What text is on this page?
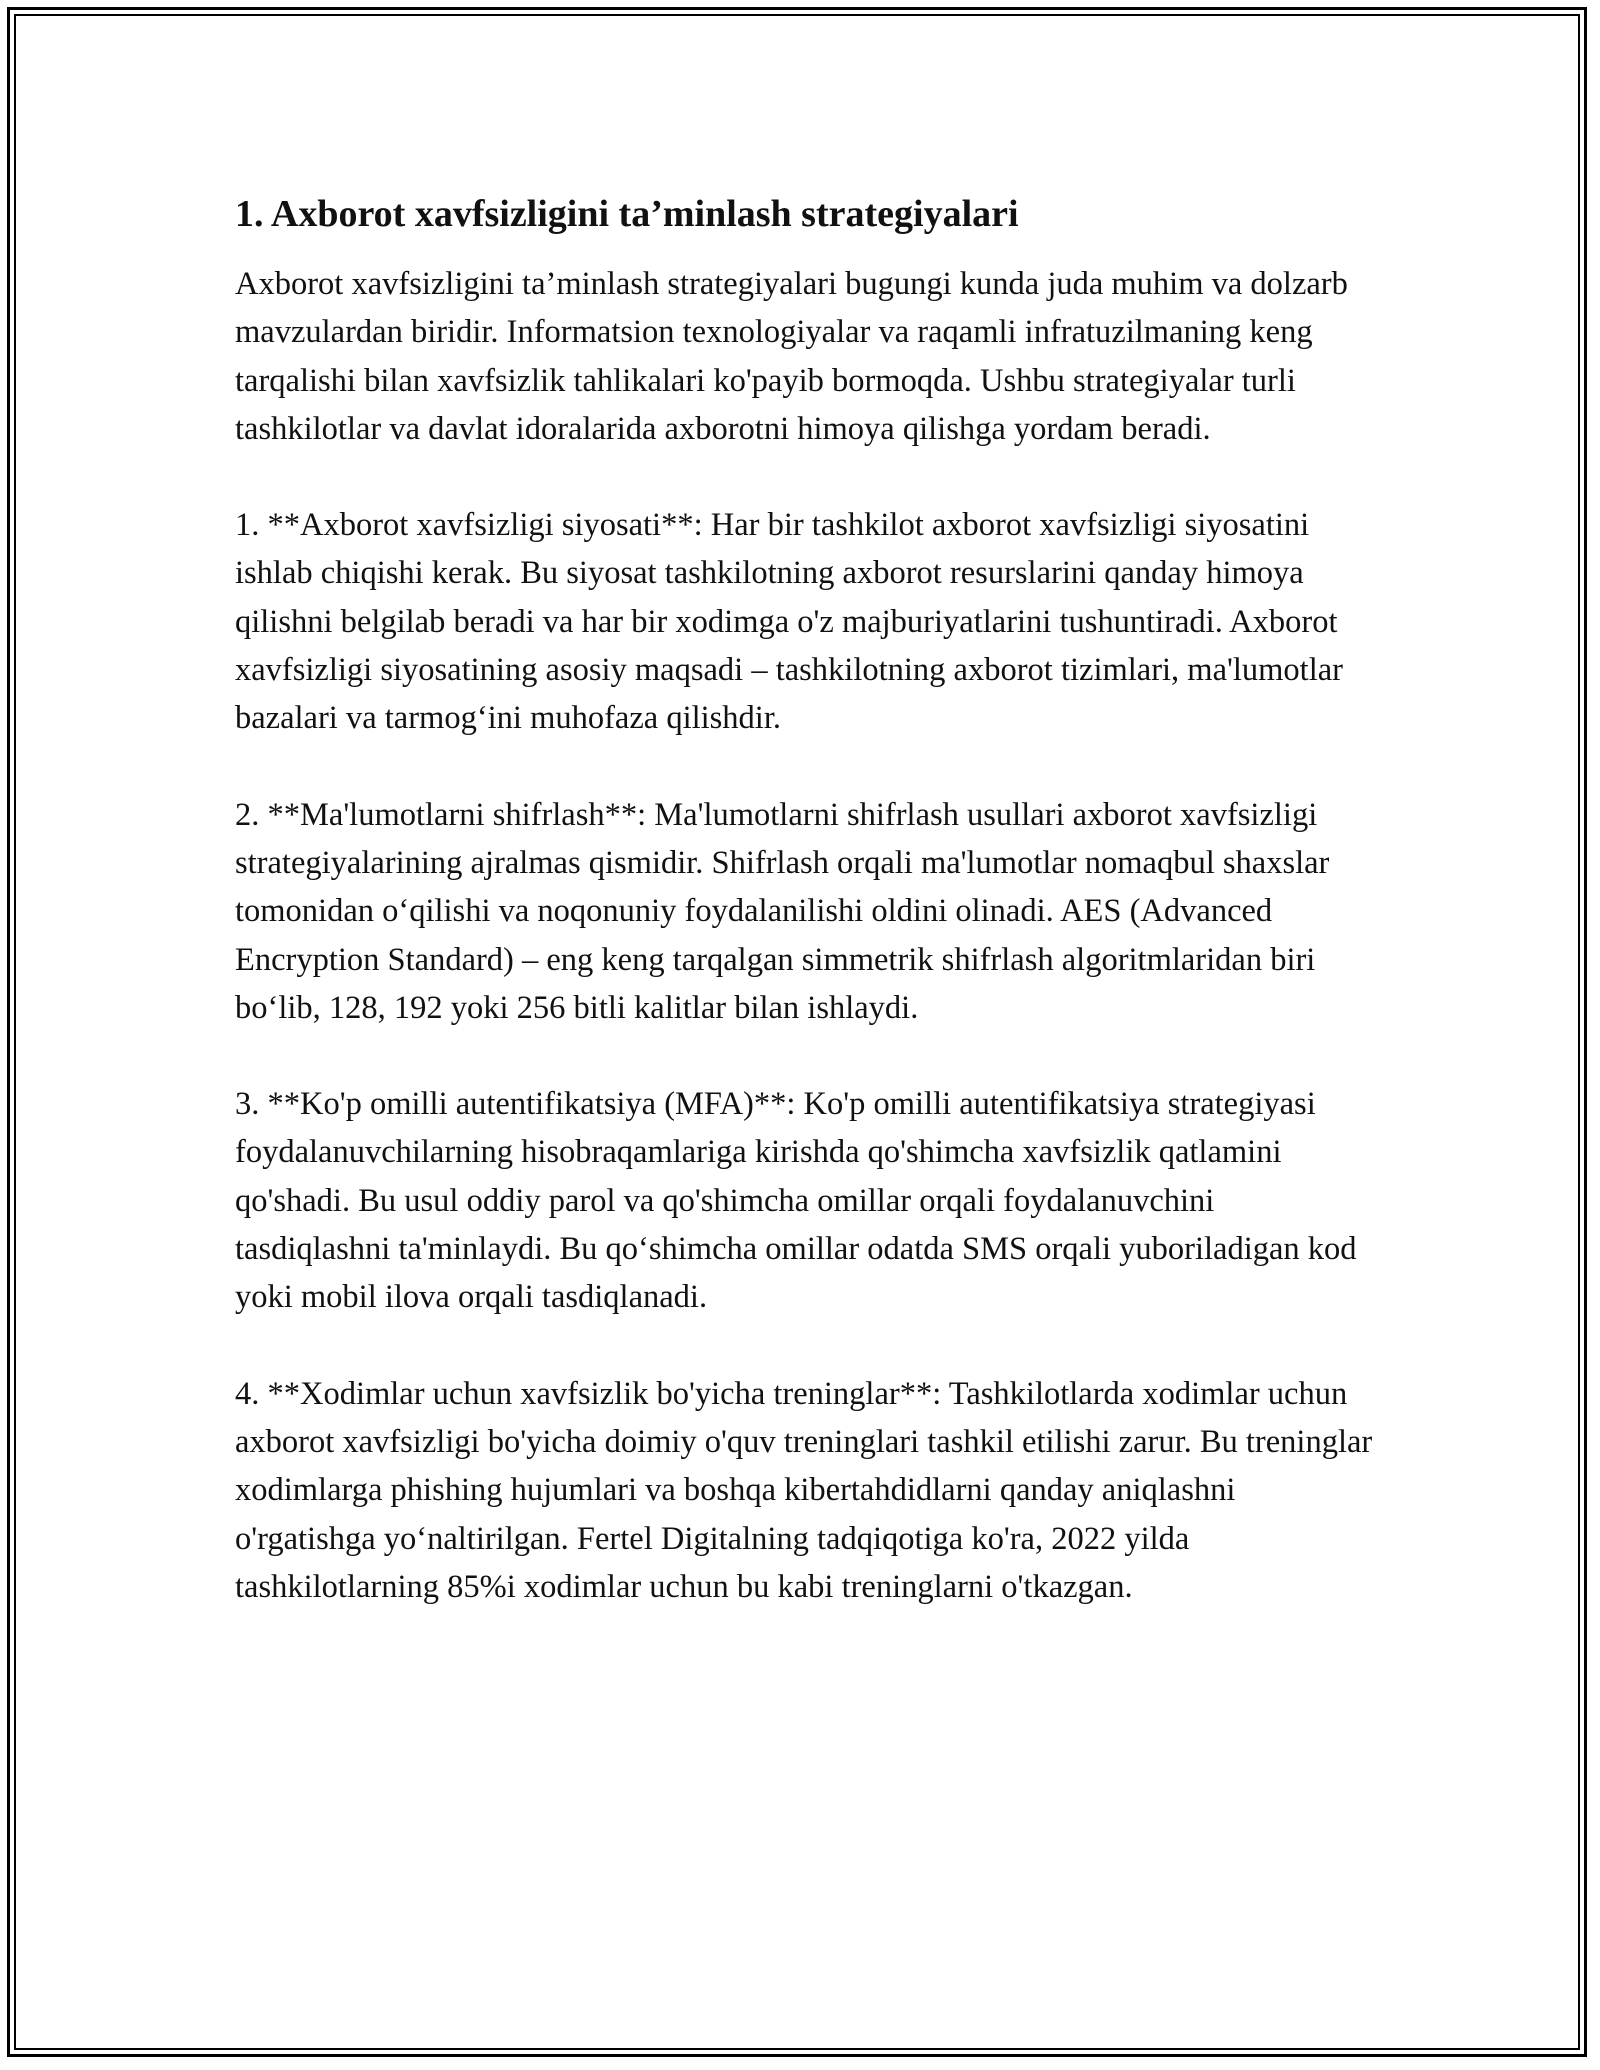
1. Axborot xavfsizligini ta’minlash strategiyalari

Axborot xavfsizligini ta’minlash strategiyalari bugungi kunda juda muhim va dolzarb mavzulardan biridir. Informatsion texnologiyalar va raqamli infratuzilmaning keng tarqalishi bilan xavfsizlik tahlikalari ko'payib bormoqda. Ushbu strategiyalar turli tashkilotlar va davlat idoralarida axborotni himoya qilishga yordam beradi.

1. **Axborot xavfsizligi siyosati**: Har bir tashkilot axborot xavfsizligi siyosatini ishlab chiqishi kerak. Bu siyosat tashkilotning axborot resurslarini qanday himoya qilishni belgilab beradi va har bir xodimga o'z majburiyatlarini tushuntiradi. Axborot xavfsizligi siyosatining asosiy maqsadi – tashkilotning axborot tizimlari, ma'lumotlar bazalari va tarmog‘ini muhofaza qilishdir.

2. **Ma'lumotlarni shifrlash**: Ma'lumotlarni shifrlash usullari axborot xavfsizligi strategiyalarining ajralmas qismidir. Shifrlash orqali ma'lumotlar nomaqbul shaxslar tomonidan o‘qilishi va noqonuniy foydalanilishi oldini olinadi. AES (Advanced Encryption Standard) – eng keng tarqalgan simmetrik shifrlash algoritmlaridan biri bo‘lib, 128, 192 yoki 256 bitli kalitlar bilan ishlaydi.

3. **Ko'p omilli autentifikatsiya (MFA)**: Ko'p omilli autentifikatsiya strategiyasi foydalanuvchilarning hisobraqamlariga kirishda qo'shimcha xavfsizlik qatlamini qo'shadi. Bu usul oddiy parol va qo'shimcha omillar orqali foydalanuvchini tasdiqlashni ta'minlaydi. Bu qo‘shimcha omillar odatda SMS orqali yuboriladigan kod yoki mobil ilova orqali tasdiqlanadi.

4. **Xodimlar uchun xavfsizlik bo'yicha treninglar**: Tashkilotlarda xodimlar uchun axborot xavfsizligi bo'yicha doimiy o'quv treninglari tashkil etilishi zarur. Bu treninglar xodimlarga phishing hujumlari va boshqa kibertahdidlarni qanday aniqlashni o'rgatishga yo‘naltirilgan. Fertel Digitalning tadqiqotiga ko'ra, 2022 yilda tashkilotlarning 85%i xodimlar uchun bu kabi treninglarni o'tkazgan.
